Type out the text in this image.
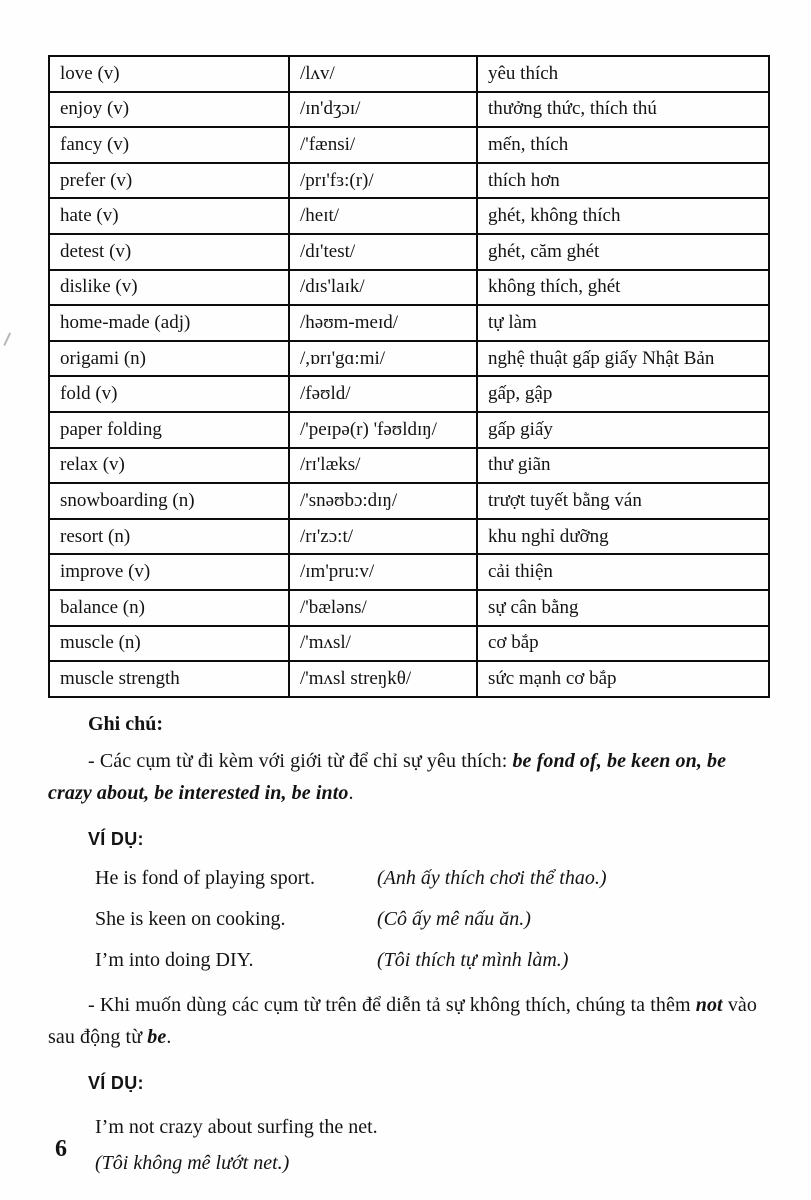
love (v)	/lʌv/	yêu thích
enjoy (v)	/ɪn'dʒɔɪ/	thưởng thức, thích thú
fancy (v)	/'fænsi/	mến, thích
prefer (v)	/prɪ'fɜ:(r)/	thích hơn
hate (v)	/heɪt/	ghét, không thích
detest (v)	/dɪ'test/	ghét, căm ghét
dislike (v)	/dɪs'laɪk/	không thích, ghét
home-made (adj)	/həʊm-meɪd/	tự làm
origami (n)	/,ɒrɪ'gɑ:mi/	nghệ thuật gấp giấy Nhật Bản
fold (v)	/fəʊld/	gấp, gập
paper folding	/'peɪpə(r) 'fəʊldɪŋ/	gấp giấy
relax (v)	/rɪ'læks/	thư giãn
snowboarding (n)	/'snəʊbɔ:dɪŋ/	trượt tuyết bằng ván
resort (n)	/rɪ'zɔ:t/	khu nghỉ dưỡng
improve (v)	/ɪm'pru:v/	cải thiện
balance (n)	/'bæləns/	sự cân bằng
muscle (n)	/'mʌsl/	cơ bắp
muscle strength	/'mʌsl streŋkθ/	sức mạnh cơ bắp

Ghi chú:

- Các cụm từ đi kèm với giới từ để chỉ sự yêu thích: be fond of, be keen on, be crazy about, be interested in, be into.

VÍ DỤ:

He is fond of playing sport.	(Anh ấy thích chơi thể thao.)
She is keen on cooking.	(Cô ấy mê nấu ăn.)
I’m into doing DIY.	(Tôi thích tự mình làm.)

- Khi muốn dùng các cụm từ trên để diễn tả sự không thích, chúng ta thêm not vào sau động từ be.

VÍ DỤ:

I’m not crazy about surfing the net.

(Tôi không mê lướt net.)

6
